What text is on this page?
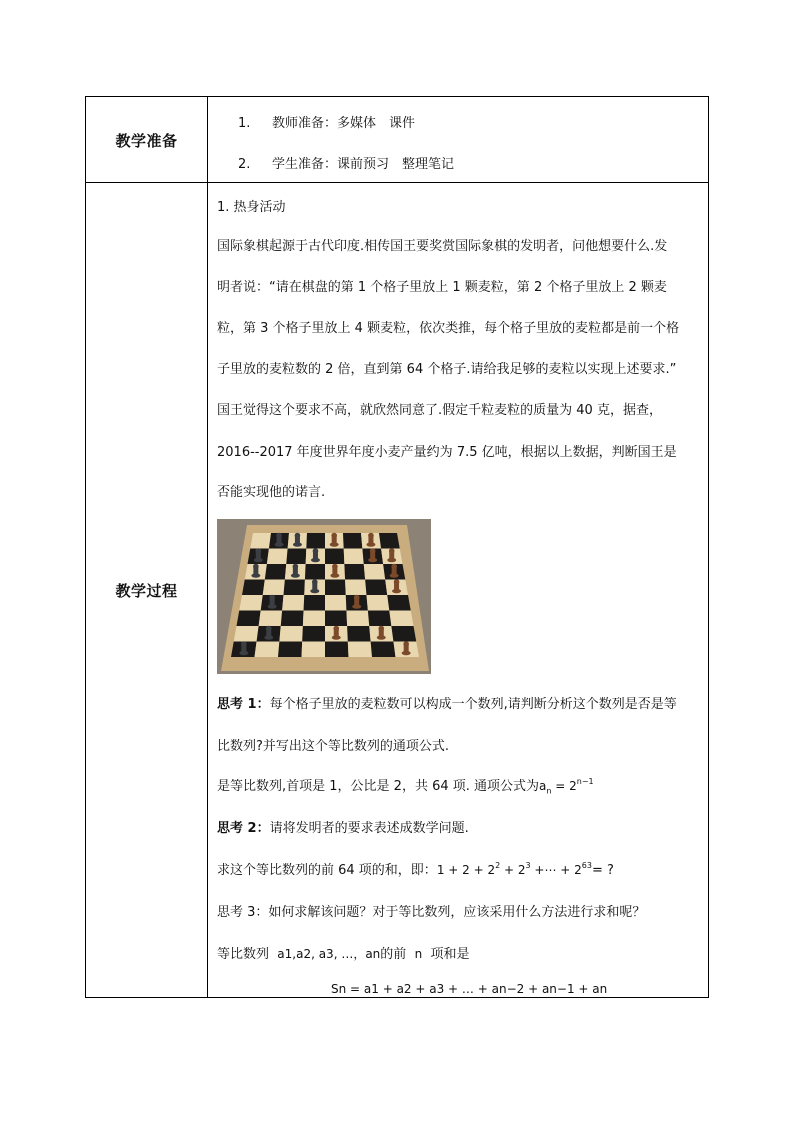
教学准备
1. 教师准备：多媒体　课件
2. 学生准备：课前预习　整理笔记
教学过程
1. 热身活动
国际象棋起源于古代印度.相传国王要奖赏国际象棋的发明者，问他想要什么.发
明者说：“请在棋盘的第 1 个格子里放上 1 颗麦粒，第 2 个格子里放上 2 颗麦
粒，第 3 个格子里放上 4 颗麦粒，依次类推，每个格子里放的麦粒都是前一个格
子里放的麦粒数的 2 倍，直到第 64 个格子.请给我足够的麦粒以实现上述要求.”
国王觉得这个要求不高，就欣然同意了.假定千粒麦粒的质量为 40 克，据查，
2016--2017 年度世界年度小麦产量约为 7.5 亿吨，根据以上数据，判断国王是
否能实现他的诺言.
思考 1：每个格子里放的麦粒数可以构成一个数列,请判断分析这个数列是否是等
比数列?并写出这个等比数列的通项公式.
是等比数列,首项是 1，公比是 2，共 64 项. 通项公式为$a_n = 2^{n-1}$
思考 2：请将发明者的要求表述成数学问题.
求这个等比数列的前 64 项的和，即：$1 + 2 + 2^2 + 2^3$ +⋯ + $2^{63}=$ ?
思考 3：如何求解该问题？对于等比数列，应该采用什么方法进行求和呢？
等比数列 a1,a2, a3, …，an的前 n 项和是
Sn = a1 + a2 + a3 + … + an−2 + an−1 + an
